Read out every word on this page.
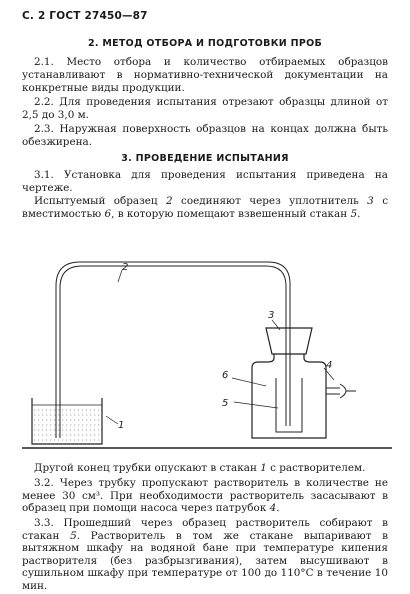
С. 2 ГОСТ 27450—87
2. МЕТОД ОТБОРА И ПОДГОТОВКИ ПРОБ
2.1. Место отбора и количество отбираемых образцов устанавливают в нормативно-технической документации на конкретные виды продукции.
2.2. Для проведения испытания отрезают образцы длиной от 2,5 до 3,0 м.
2.3. Наружная поверхность образцов на концах должна быть обезжирена.
3. ПРОВЕДЕНИЕ ИСПЫТАНИЯ
3.1. Установка для проведения испытания приведена на чертеже.
Испытуемый образец 2 соединяют через уплотнитель 3 с вместимостью 6, в которую помещают взвешенный стакан 5.
1
2
3
4
5
6
Другой конец трубки опускают в стакан 1 с растворителем.
3.2. Через трубку пропускают растворитель в количестве не менее 30 см³. При необходимости растворитель засасывают в образец при помощи насоса через патрубок 4.
3.3. Прошедший через образец растворитель собирают в стакан 5. Растворитель в том же стакане выпаривают в вытяжном шкафу на водяной бане при температуре кипения растворителя (без разбрызгивания), затем высушивают в сушильном шкафу при температуре от 100 до 110°С в течение 10 мин.
